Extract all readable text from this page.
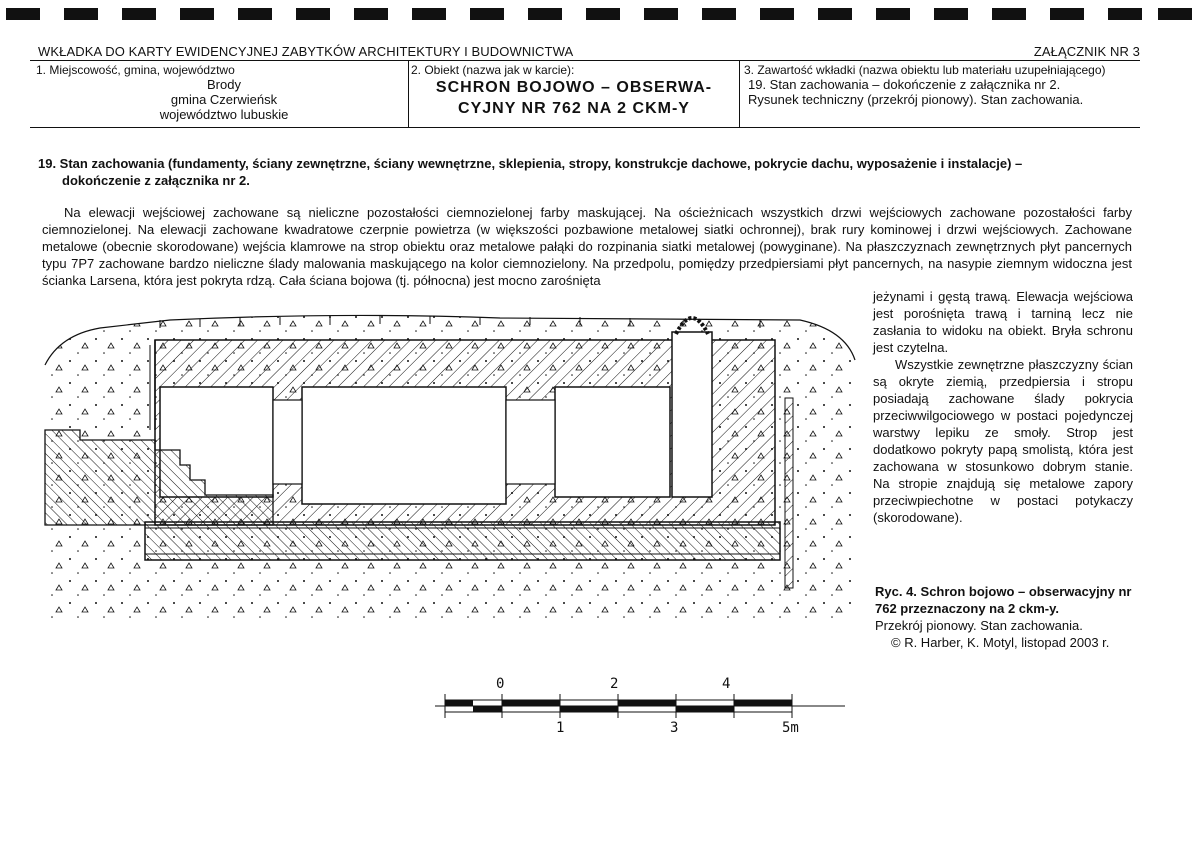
WKŁADKA DO KARTY EWIDENCYJNEJ ZABYTKÓW ARCHITEKTURY I BUDOWNICTWA	ZAŁĄCZNIK NR 3
1. Miejscowość, gmina, województwo
Brody
gmina Czerwieńsk
województwo lubuskie
2. Obiekt (nazwa jak w karcie):
SCHRON BOJOWO – OBSERWA-
CYJNY NR 762 NA 2 CKM-Y
3. Zawartość wkładki (nazwa obiektu lub materiału uzupełniającego)
19. Stan zachowania – dokończenie z załącznika nr 2.
Rysunek techniczny (przekrój pionowy). Stan zachowania.
19. Stan zachowania (fundamenty, ściany zewnętrzne, ściany wewnętrzne, sklepienia, stropy, konstrukcje dachowe, pokrycie dachu, wyposażenie i instalacje) –
dokończenie z załącznika nr 2.
Na elewacji wejściowej zachowane są nieliczne pozostałości ciemnozielonej farby maskującej. Na ościeżnicach wszystkich drzwi wejściowych zachowane pozostałości farby ciemnozielonej. Na elewacji zachowane kwadratowe czerpnie powietrza (w większości pozbawione metalowej siatki ochronnej), brak rury kominowej i drzwi wejściowych. Zachowane metalowe (obecnie skorodowane) wejścia klamrowe na strop obiektu oraz metalowe pałąki do rozpinania siatki metalowej (powyginane). Na płaszczyznach zewnętrznych płyt pancernych typu 7P7 zachowane bardzo nieliczne ślady malowania maskującego na kolor ciemnozielony. Na przedpolu, pomiędzy przedpiersiami płyt pancernych, na nasypie ziemnym widoczna jest ścianka Larsena, która jest pokryta rdzą. Cała ściana bojowa (tj. północna) jest mocno zarośnięta

jeżynami i gęstą trawą. Elewacja wejściowa jest porośnięta trawą i tarniną lecz nie zasłania to widoku na obiekt. Bryła schronu jest czytelna.

Wszystkie zewnętrzne płaszczyzny ścian są okryte ziemią, przedpiersia i stropu posiadają zachowane ślady pokrycia przeciwwilgociowego w postaci pojedynczej warstwy lepiku ze smoły. Strop jest dodatkowo pokryty papą smolistą, która jest zachowana w stosunkowo dobrym stanie. Na stropie znajdują się metalowe zapory przeciwpiechotne w postaci potykaczy (skorodowane).

0	2	4
1	3	5m
Ryc. 4. Schron bojowo – obserwacyjny nr 762 przeznaczony na 2 ckm-y.
Przekrój pionowy. Stan zachowania.
© R. Harber, K. Motyl, listopad 2003 r.
